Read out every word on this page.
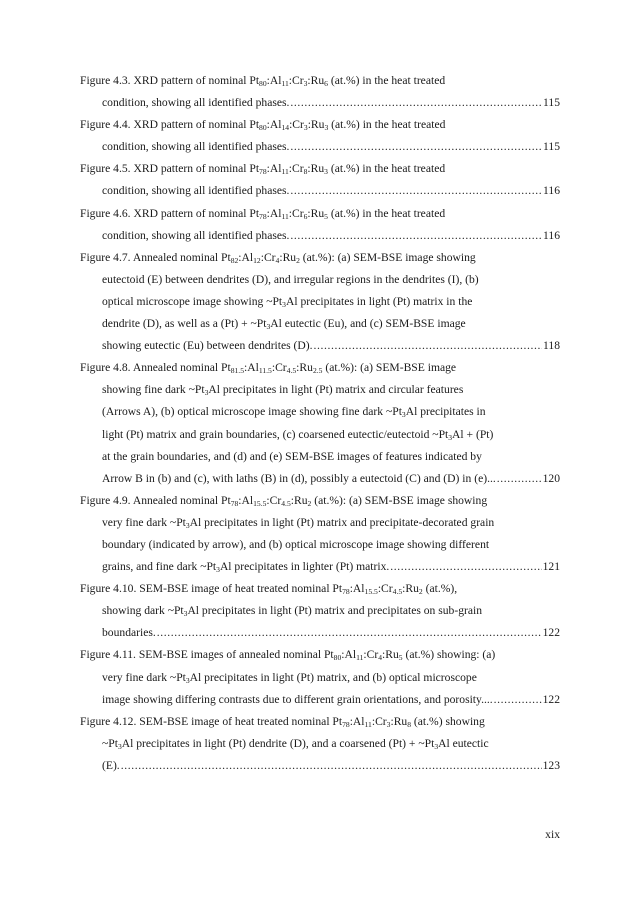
Figure 4.3. XRD pattern of nominal $Pt_{80}:Al_{11}:Cr_3:Ru_6$ (at.%) in the heat treated
condition, showing all identified phases. .....	115
Figure 4.4. XRD pattern of nominal $Pt_{80}:Al_{14}:Cr_3:Ru_3$ (at.%) in the heat treated
condition, showing all identified phases. .....	115
Figure 4.5. XRD pattern of nominal $Pt_{78}:Al_{11}:Cr_8:Ru_3$ (at.%) in the heat treated
condition, showing all identified phases. .....	116
Figure 4.6. XRD pattern of nominal $Pt_{78}:Al_{11}:Cr_6:Ru_5$ (at.%) in the heat treated
condition, showing all identified phases. .....	116
Figure 4.7. Annealed nominal $Pt_{82}:Al_{12}:Cr_4:Ru_2$ (at.%): (a) SEM-BSE image showing
eutectoid (E) between dendrites (D), and irregular regions in the dendrites (I), (b)
optical microscope image showing $\sim Pt_3Al$ precipitates in light (Pt) matrix in the
dendrite (D), as well as a $(Pt) + \sim Pt_3Al$ eutectic (Eu), and (c) SEM-BSE image
showing eutectic (Eu) between dendrites (D). .....	118
Figure 4.8. Annealed nominal $Pt_{81.5}:Al_{11.5}:Cr_{4.5}:Ru_{2.5}$ (at.%): (a) SEM-BSE image
showing fine dark $\sim Pt_3Al$ precipitates in light (Pt) matrix and circular features
(Arrows A), (b) optical microscope image showing fine dark $\sim Pt_3Al$ precipitates in
light (Pt) matrix and grain boundaries, (c) coarsened eutectic/eutectoid $\sim Pt_3Al + (Pt)$
at the grain boundaries, and (d) and (e) SEM-BSE images of features indicated by
Arrow B in (b) and (c), with laths (B) in (d), possibly a eutectoid (C) and (D) in (e)... .....	120
Figure 4.9. Annealed nominal $Pt_{78}:Al_{15.5}:Cr_{4.5}:Ru_2$ (at.%): (a) SEM-BSE image showing
very fine dark $\sim Pt_3Al$ precipitates in light (Pt) matrix and precipitate-decorated grain
boundary (indicated by arrow), and (b) optical microscope image showing different
grains, and fine dark $\sim Pt_3Al$ precipitates in lighter (Pt) matrix. .....	121
Figure 4.10. SEM-BSE image of heat treated nominal $Pt_{78}:Al_{15.5}:Cr_{4.5}:Ru_2$ (at.%),
showing dark $\sim Pt_3Al$ precipitates in light (Pt) matrix and precipitates on sub-grain
boundaries. .....	122
Figure 4.11. SEM-BSE images of annealed nominal $Pt_{80}:Al_{11}:Cr_4:Ru_5$ (at.%) showing: (a)
very fine dark $\sim Pt_3Al$ precipitates in light (Pt) matrix, and (b) optical microscope
image showing differing contrasts due to different grain orientations, and porosity.... .....	122
Figure 4.12. SEM-BSE image of heat treated nominal $Pt_{78}:Al_{11}:Cr_3:Ru_8$ (at.%) showing
$\sim Pt_3Al$ precipitates in light (Pt) dendrite (D), and a coarsened $(Pt) + \sim Pt_3Al$ eutectic
(E). .....	123
xix
